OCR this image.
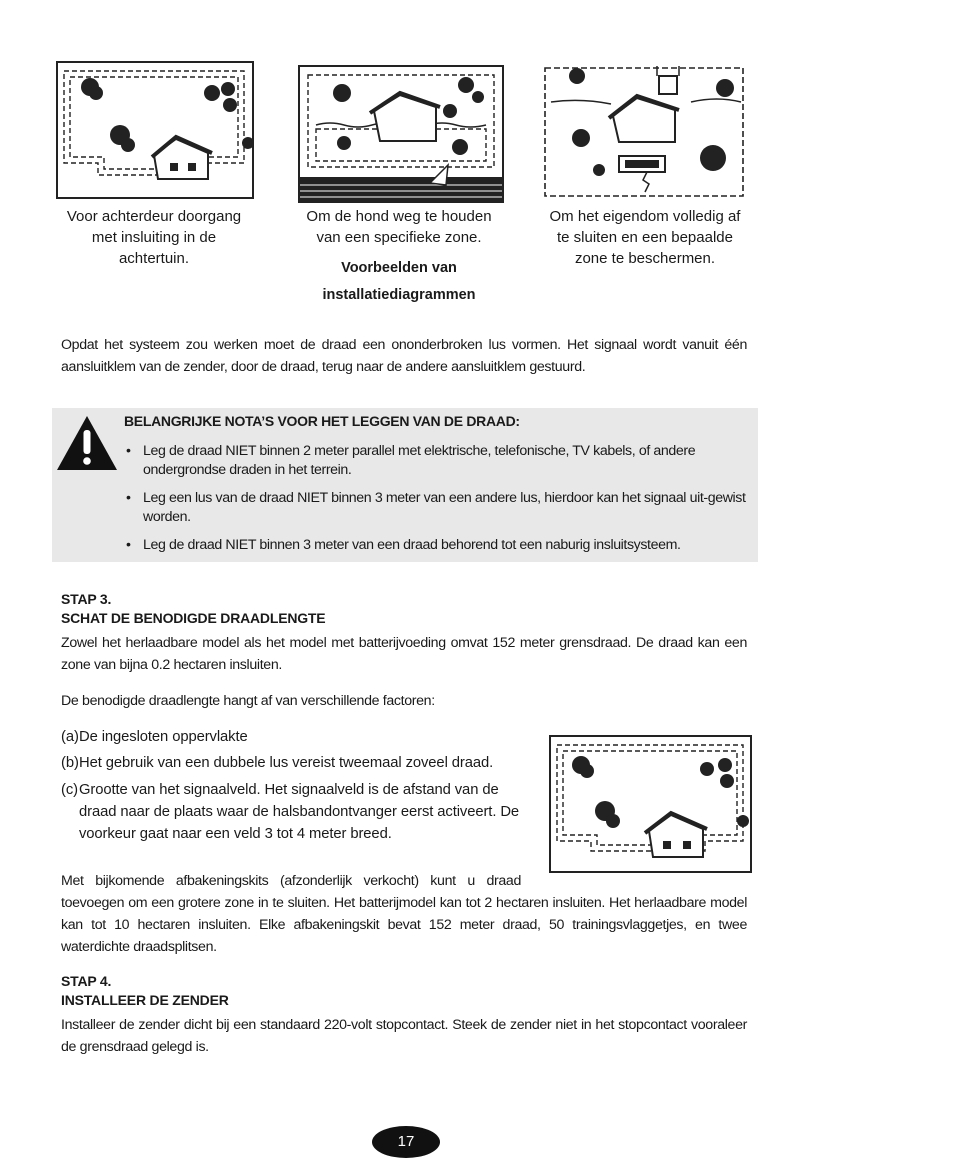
Voor achterdeur doorgang
met insluiting in de
achtertuin.
Om de hond weg te houden
van een specifieke zone.
Voorbeelden van
installatiediagrammen
Om het eigendom volledig af
te sluiten en een bepaalde
zone te beschermen.
Opdat het systeem zou werken moet de draad een ononderbroken lus vormen. Het signaal wordt vanuit één aansluitklem van de zender, door de draad, terug naar de andere aansluitklem gestuurd.
BELANGRIJKE NOTA’S VOOR HET LEGGEN VAN DE DRAAD:
• Leg de draad NIET binnen 2 meter parallel met elektrische, telefonische, TV kabels, of andere ondergrondse draden in het terrein.
• Leg een lus van de draad NIET binnen 3 meter van een andere lus, hierdoor kan het signaal uit-gewist worden.
• Leg de draad NIET binnen 3 meter van een draad behorend tot een naburig insluitsysteem.
STAP 3.
SCHAT DE BENODIGDE DRAADLENGTE
Zowel het herlaadbare model als het model met batterijvoeding omvat 152 meter grensdraad. De draad kan een zone van bijna 0.2 hectaren insluiten.
De benodigde draadlengte hangt af van verschillende factoren:
(a) De ingesloten oppervlakte
(b) Het gebruik van een dubbele lus vereist tweemaal zoveel draad.
(c) Grootte van het signaalveld. Het signaalveld is de afstand van de draad naar de plaats waar de halsbandontvanger eerst activeert. De voorkeur gaat naar een veld 3 tot 4 meter breed.
Met bijkomende afbakeningskits (afzonderlijk verkocht) kunt u draad
toevoegen om een grotere zone in te sluiten. Het batterijmodel kan tot 2 hectaren insluiten. Het herlaadbare model kan tot 10 hectaren insluiten. Elke afbakeningskit bevat 152 meter draad, 50 trainingsvlaggetjes, en twee waterdichte draadsplitsen.
STAP 4.
INSTALLEER DE ZENDER
Installeer de zender dicht bij een standaard 220-volt stopcontact. Steek de zender niet in het stopcontact vooraleer de grensdraad gelegd is.
17
